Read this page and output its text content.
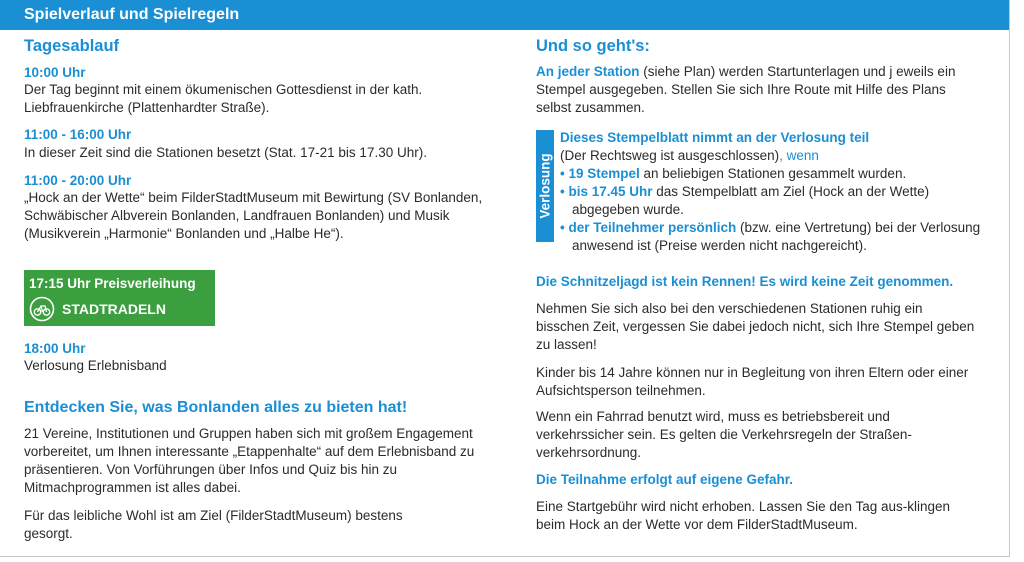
Spielverlauf und Spielregeln
Tagesablauf
10:00 Uhr
Der Tag beginnt mit einem ökumenischen Gottesdienst in der kath. Liebfrauenkirche (Plattenhardter Straße).
11:00 - 16:00 Uhr
In dieser Zeit sind die Stationen besetzt (Stat. 17-21 bis 17.30 Uhr).
11:00 - 20:00 Uhr
„Hock an der Wette“ beim FilderStadtMuseum mit Bewirtung (SV Bonlanden, Schwäbischer Albverein Bonlanden, Landfrauen Bonlanden) und Musik (Musikverein „Harmonie“ Bonlanden und „Halbe He“).
17:15 Uhr Preisverleihung
STADTRADELN
18:00 Uhr
Verlosung Erlebnisband
Entdecken Sie, was Bonlanden alles zu bieten hat!
21 Vereine, Institutionen und Gruppen haben sich mit großem Engagement vorbereitet, um Ihnen interessante „Etappenhalte“ auf dem Erlebnisband zu präsentieren. Von Vorführungen über Infos und Quiz bis hin zu Mitmachprogrammen ist alles dabei.
Für das leibliche Wohl ist am Ziel (FilderStadtMuseum) bestens gesorgt.
Und so geht's:
An jeder Station (siehe Plan) werden Startunterlagen und j eweils ein Stempel ausgegeben. Stellen Sie sich Ihre Route mit Hilfe des Plans selbst zusammen.
Verlosung
Dieses Stempelblatt nimmt an der Verlosung teil
(Der Rechtsweg ist ausgeschlossen), wenn
• 19 Stempel an beliebigen Stationen gesammelt wurden.
• bis 17.45 Uhr das Stempelblatt am Ziel (Hock an der Wette) abgegeben wurde.
• der Teilnehmer persönlich (bzw. eine Vertretung) bei der Verlosung anwesend ist (Preise werden nicht nachgereicht).
Die Schnitzeljagd ist kein Rennen! Es wird keine Zeit genommen.
Nehmen Sie sich also bei den verschiedenen Stationen ruhig ein bisschen Zeit, vergessen Sie dabei jedoch nicht, sich Ihre Stempel geben zu lassen!
Kinder bis 14 Jahre können nur in Begleitung von ihren Eltern oder einer Aufsichtsperson teilnehmen.
Wenn ein Fahrrad benutzt wird, muss es betriebsbereit und verkehrssicher sein. Es gelten die Verkehrsregeln der Straßen-verkehrsordnung.
Die Teilnahme erfolgt auf eigene Gefahr.
Eine Startgebühr wird nicht erhoben. Lassen Sie den Tag aus-klingen beim Hock an der Wette vor dem FilderStadtMuseum.
